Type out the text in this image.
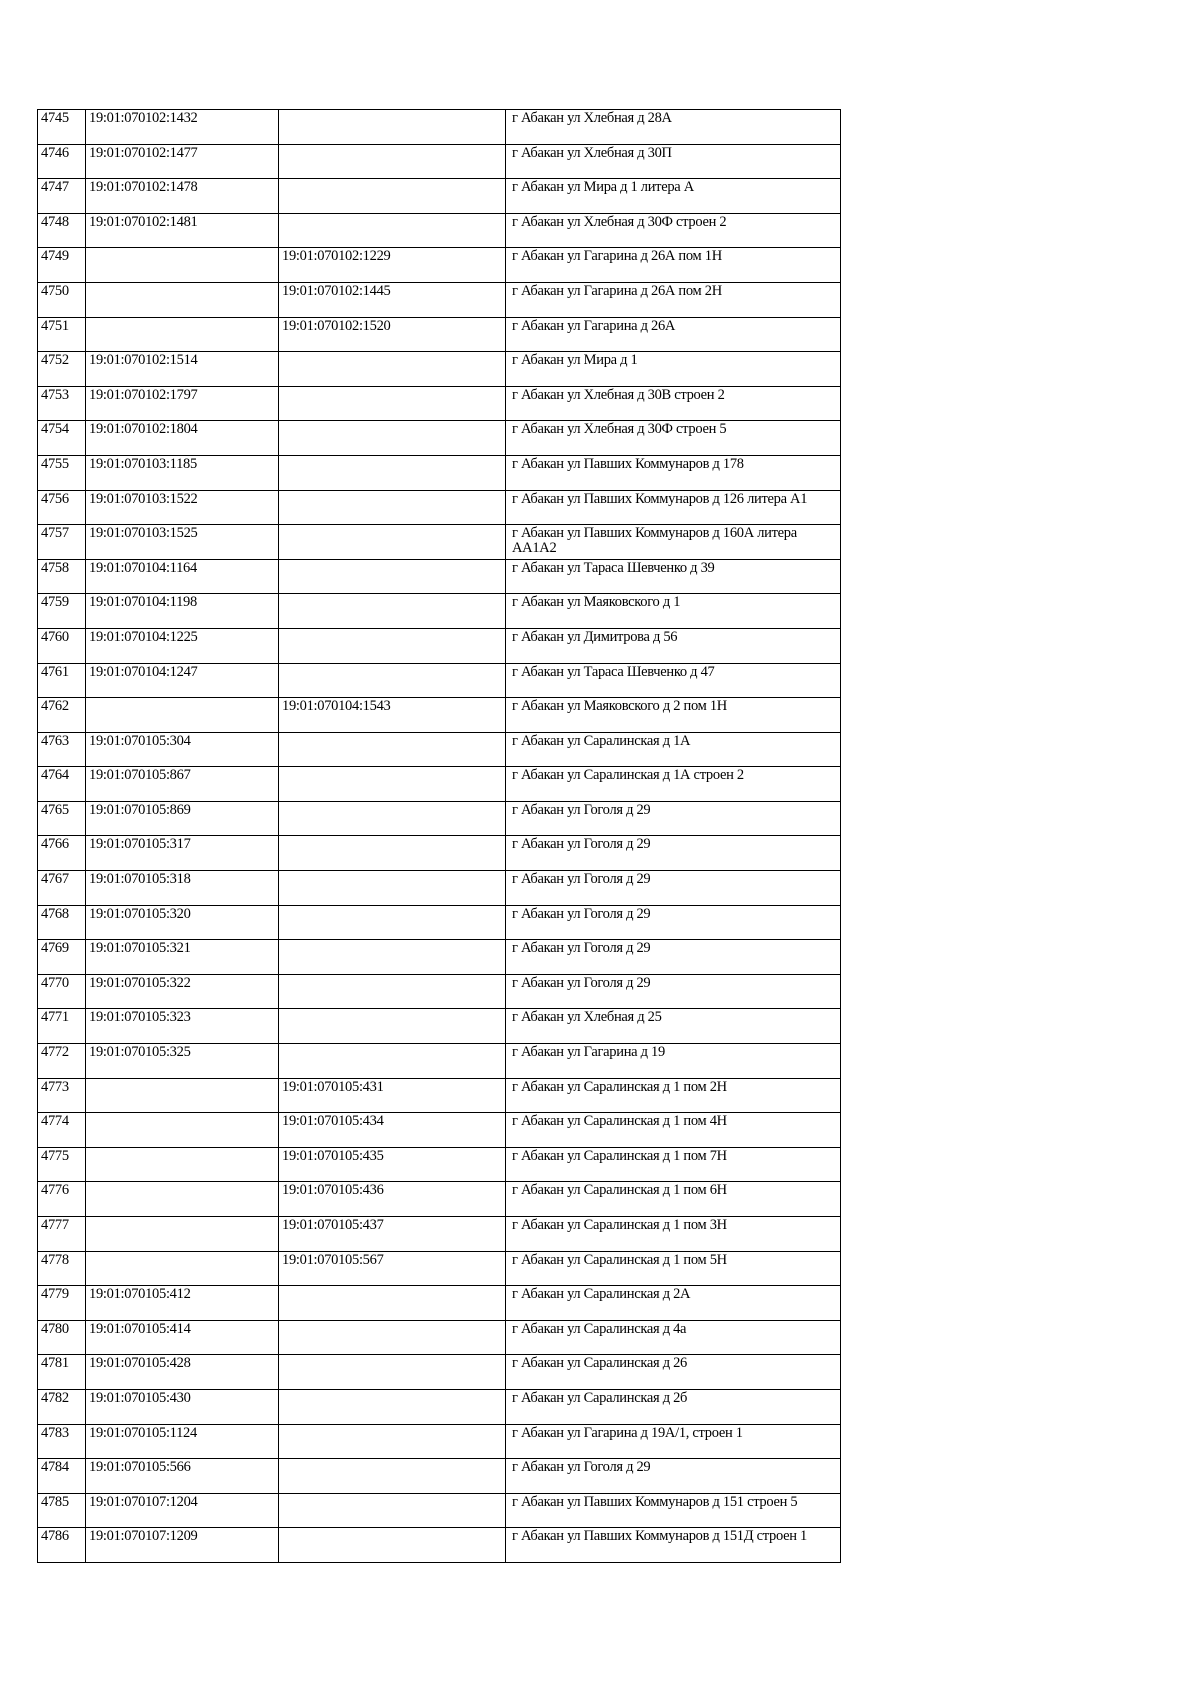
4745	19:01:070102:1432		г Абакан ул Хлебная д 28А
4746	19:01:070102:1477		г Абакан ул Хлебная д 30П
4747	19:01:070102:1478		г Абакан ул Мира д 1 литера А
4748	19:01:070102:1481		г Абакан ул Хлебная д 30Ф строен 2
4749		19:01:070102:1229	г Абакан ул Гагарина д 26А пом 1Н
4750		19:01:070102:1445	г Абакан ул Гагарина д 26А пом 2Н
4751		19:01:070102:1520	г Абакан ул Гагарина д 26А
4752	19:01:070102:1514		г Абакан ул Мира д 1
4753	19:01:070102:1797		г Абакан ул Хлебная д 30В строен 2
4754	19:01:070102:1804		г Абакан ул Хлебная д 30Ф строен 5
4755	19:01:070103:1185		г Абакан ул Павших Коммунаров д 178
4756	19:01:070103:1522		г Абакан ул Павших Коммунаров д 126 литера А1
4757	19:01:070103:1525		г Абакан ул Павших Коммунаров д 160А литера АА1А2
4758	19:01:070104:1164		г Абакан ул Тараса Шевченко д 39
4759	19:01:070104:1198		г Абакан ул Маяковского д 1
4760	19:01:070104:1225		г Абакан ул Димитрова д 56
4761	19:01:070104:1247		г Абакан ул Тараса Шевченко д 47
4762		19:01:070104:1543	г Абакан ул Маяковского д 2 пом 1Н
4763	19:01:070105:304		г Абакан ул Саралинская д 1А
4764	19:01:070105:867		г Абакан ул Саралинская д 1А строен 2
4765	19:01:070105:869		г Абакан ул Гоголя д 29
4766	19:01:070105:317		г Абакан ул Гоголя д 29
4767	19:01:070105:318		г Абакан ул Гоголя д 29
4768	19:01:070105:320		г Абакан ул Гоголя д 29
4769	19:01:070105:321		г Абакан ул Гоголя д 29
4770	19:01:070105:322		г Абакан ул Гоголя д 29
4771	19:01:070105:323		г Абакан ул Хлебная д 25
4772	19:01:070105:325		г Абакан ул Гагарина д 19
4773		19:01:070105:431	г Абакан ул Саралинская д 1 пом 2Н
4774		19:01:070105:434	г Абакан ул Саралинская д 1 пом 4Н
4775		19:01:070105:435	г Абакан ул Саралинская д 1 пом 7Н
4776		19:01:070105:436	г Абакан ул Саралинская д 1 пом 6Н
4777		19:01:070105:437	г Абакан ул Саралинская д 1 пом 3Н
4778		19:01:070105:567	г Абакан ул Саралинская д 1 пом 5Н
4779	19:01:070105:412		г Абакан ул Саралинская д 2А
4780	19:01:070105:414		г Абакан ул Саралинская д 4а
4781	19:01:070105:428		г Абакан ул Саралинская д 26
4782	19:01:070105:430		г Абакан ул Саралинская д 2б
4783	19:01:070105:1124		г Абакан ул Гагарина д 19А/1, строен 1
4784	19:01:070105:566		г Абакан ул Гоголя д 29
4785	19:01:070107:1204		г Абакан ул Павших Коммунаров д 151 строен 5
4786	19:01:070107:1209		г Абакан ул Павших Коммунаров д 151Д строен 1
